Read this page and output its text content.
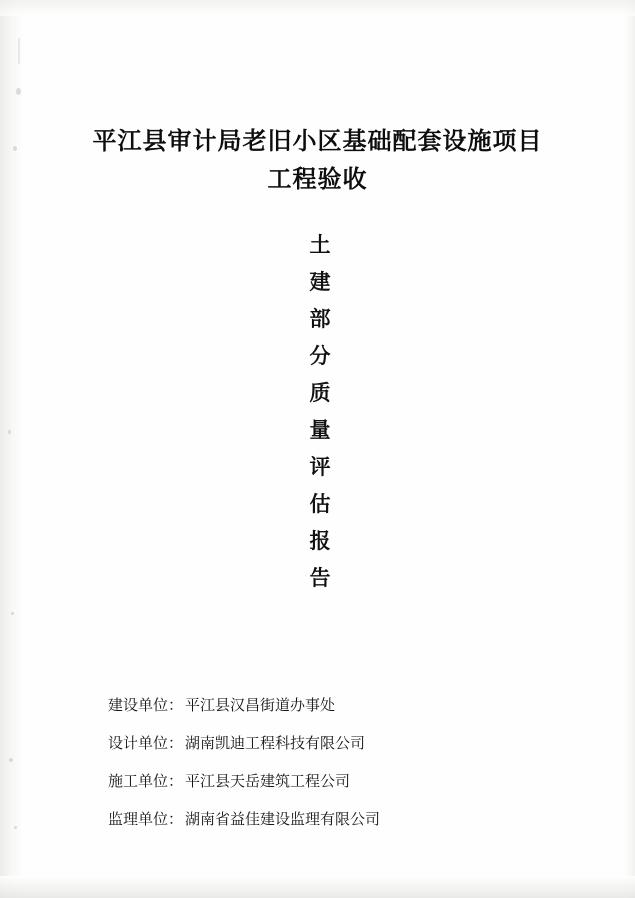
平江县审计局老旧小区基础配套设施项目
工程验收
土
建
部
分
质
量
评
估
报
告
建设单位： 平江县汉昌街道办事处
设计单位： 湖南凯迪工程科技有限公司
施工单位： 平江县天岳建筑工程公司
监理单位： 湖南省益佳建设监理有限公司
